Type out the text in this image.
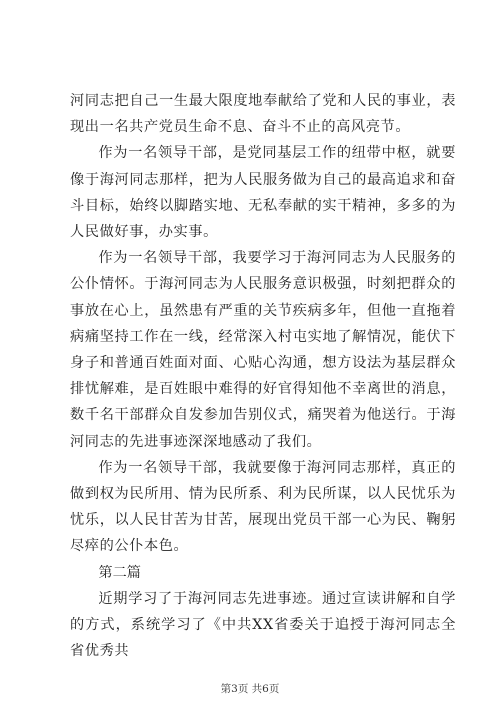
河同志把自己一生最大限度地奉献给了党和人民的事业，表现出一名共产党员生命不息、奋斗不止的高风亮节。

作为一名领导干部，是党同基层工作的纽带中枢，就要像于海河同志那样，把为人民服务做为自己的最高追求和奋斗目标，始终以脚踏实地、无私奉献的实干精神，多多的为人民做好事，办实事。

作为一名领导干部，我要学习于海河同志为人民服务的公仆情怀。于海河同志为人民服务意识极强，时刻把群众的事放在心上，虽然患有严重的关节疾病多年，但他一直拖着病痛坚持工作在一线，经常深入村屯实地了解情况，能伏下身子和普通百姓面对面、心贴心沟通，想方设法为基层群众排忧解难，是百姓眼中难得的好官得知他不幸离世的消息，数千名干部群众自发参加告别仪式，痛哭着为他送行。于海河同志的先进事迹深深地感动了我们。

作为一名领导干部，我就要像于海河同志那样，真正的做到权为民所用、情为民所系、利为民所谋，以人民忧乐为忧乐，以人民甘苦为甘苦，展现出党员干部一心为民、鞠躬尽瘁的公仆本色。

第二篇

近期学习了于海河同志先进事迹。通过宣读讲解和自学的方式，系统学习了《中共XX省委关于追授于海河同志全省优秀共

第3页 共6页
